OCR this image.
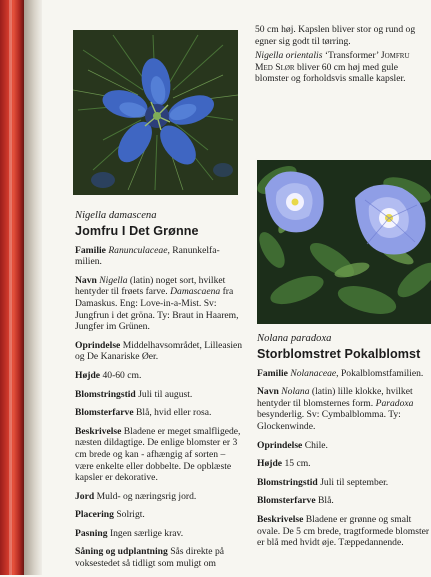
Nigella damascena
Jomfru I Det Grønne

Familie Ranunculaceae, Ranunkelfamilien.

Navn Nigella (latin) noget sort, hvilket hentyder til frøets farve. Damascaena fra Damaskus. Eng: Love-in-a-Mist. Sv: Jungfrun i det gröna. Ty: Braut in Haarem, Jungfer im Grünen.

Oprindelse Middelhavsområdet, Lilleasien og De Kanariske Øer.

Højde 40-60 cm.

Blomstringstid Juli til august.

Blomsterfarve Blå, hvid eller rosa.

Beskrivelse Bladene er meget smalfligede, næsten dildagtige. De enlige blomster er 3 cm brede og kan - afhængig af sorten – være enkelte eller dobbelte. De opblæste kapsler er dekorative.

Jord Muld- og næringsrig jord.

Placering Solrigt.

Pasning Ingen særlige krav.

Såning og udplantning Sås direkte på voksestedet så tidligt som muligt om

50 cm høj. Kapslen bliver stor og rund og egner sig godt til tørring.

Nigella orientalis ‘Transformer’ Jomfru Med Slør bliver 60 cm høj med gule blomster og forholdsvis smalle kapsler.

Nolana paradoxa
Storblomstret Pokalblomst

Familie Nolanaceae, Pokalblomstfamilien.

Navn Nolana (latin) lille klokke, hvilket hentyder til blomsternes form. Paradoxa besynderlig. Sv: Cymbalblomma. Ty: Glockenwinde.

Oprindelse Chile.

Højde 15 cm.

Blomstringstid Juli til september.

Blomsterfarve Blå.

Beskrivelse Bladene er grønne og smalt ovale. De 5 cm brede, tragtformede blomster er blå med hvidt øje. Tæppedannende.
